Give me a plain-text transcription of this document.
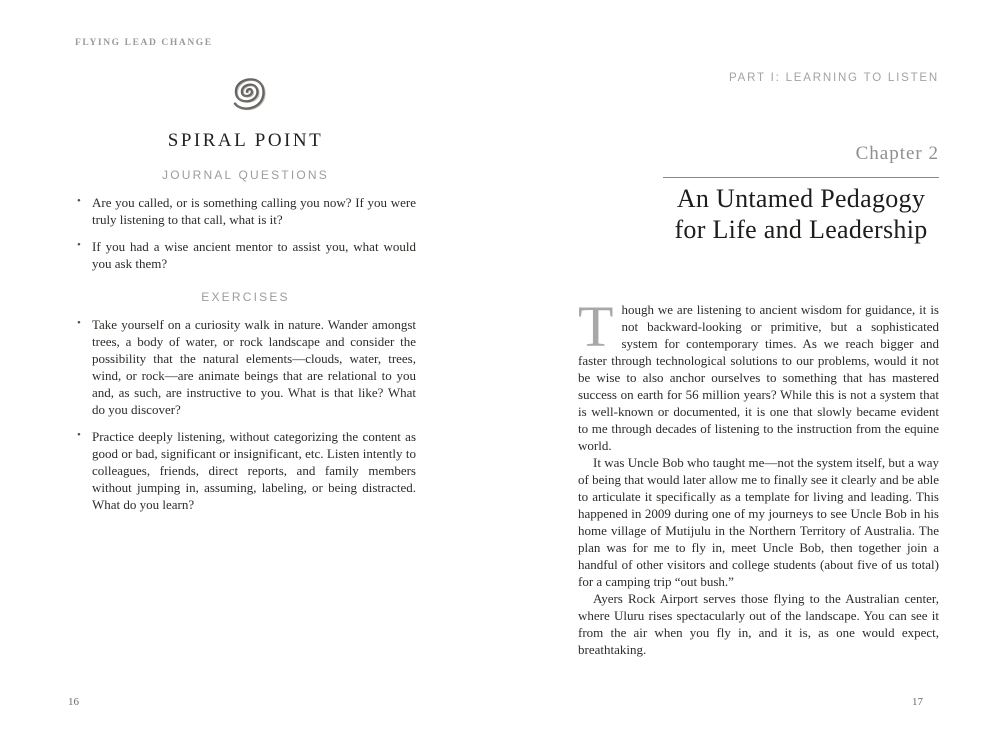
FLYING LEAD CHANGE
SPIRAL POINT
JOURNAL QUESTIONS
• Are you called, or is something calling you now? If you were truly listening to that call, what is it?
• If you had a wise ancient mentor to assist you, what would you ask them?
EXERCISES
• Take yourself on a curiosity walk in nature. Wander amongst trees, a body of water, or rock landscape and consider the possibility that the natural elements—clouds, water, trees, wind, or rock—are animate beings that are relational to you and, as such, are instructive to you. What is that like? What do you discover?
• Practice deeply listening, without categorizing the content as good or bad, significant or insignificant, etc. Listen intently to colleagues, friends, direct reports, and family members without jumping in, assuming, labeling, or being distracted. What do you learn?
PART I: LEARNING TO LISTEN
Chapter 2
An Untamed Pedagogy
for Life and Leadership

Though we are listening to ancient wisdom for guidance, it is not backward-looking or primitive, but a sophisticated system for contemporary times. As we reach bigger and faster through technological solutions to our problems, would it not be wise to also anchor ourselves to something that has mastered success on earth for 56 million years? While this is not a system that is well-known or documented, it is one that slowly became evident to me through decades of listening to the instruction from the equine world.

It was Uncle Bob who taught me—not the system itself, but a way of being that would later allow me to finally see it clearly and be able to articulate it specifically as a template for living and leading. This happened in 2009 during one of my journeys to see Uncle Bob in his home village of Mutijulu in the Northern Territory of Australia. The plan was for me to fly in, meet Uncle Bob, then together join a handful of other visitors and college students (about five of us total) for a camping trip “out bush.”

Ayers Rock Airport serves those flying to the Australian center, where Uluru rises spectacularly out of the landscape. You can see it from the air when you fly in, and it is, as one would expect, breathtaking.

16	17
